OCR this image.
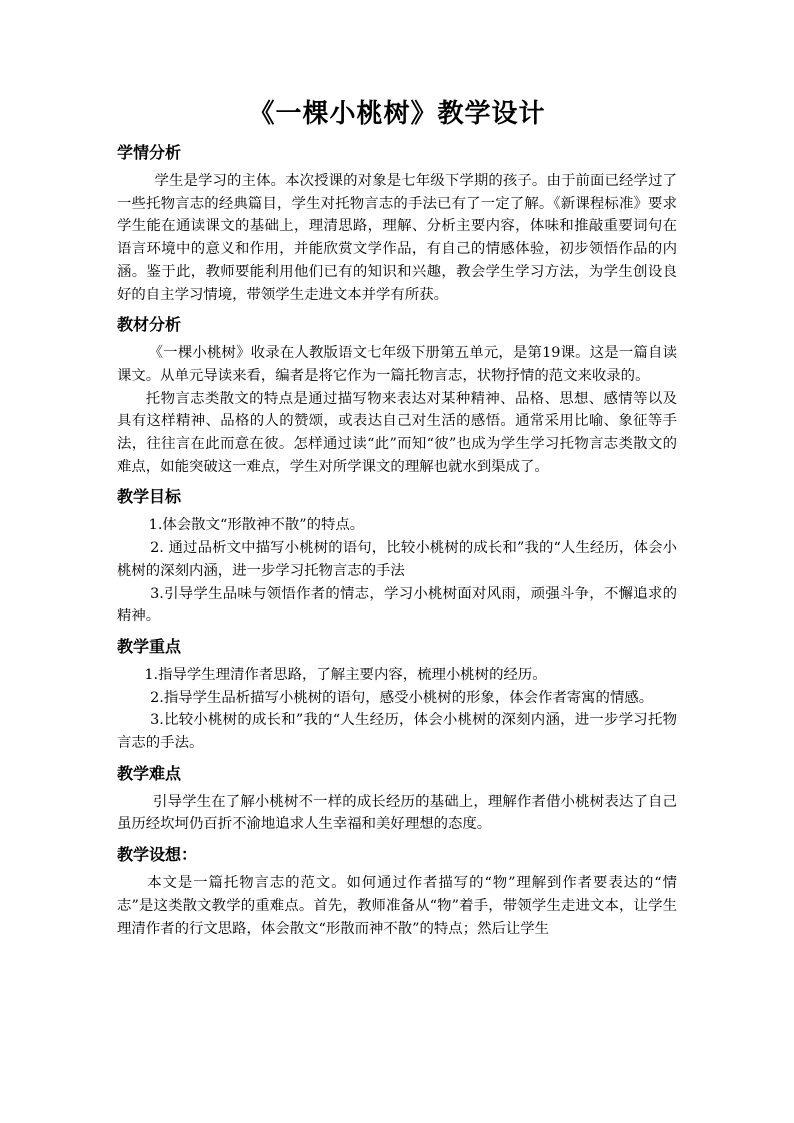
《一棵小桃树》教学设计
学情分析

学生是学习的主体。本次授课的对象是七年级下学期的孩子。由于前面已经学过了一些托物言志的经典篇目，学生对托物言志的手法已有了一定了解。《新课程标准》要求学生能在通读课文的基础上，理清思路，理解、分析主要内容，体味和推敲重要词句在语言环境中的意义和作用，并能欣赏文学作品，有自己的情感体验，初步领悟作品的内涵。鉴于此，教师要能利用他们已有的知识和兴趣，教会学生学习方法，为学生创设良好的自主学习情境，带领学生走进文本并学有所获。

教材分析

《一棵小桃树》收录在人教版语文七年级下册第五单元，是第19课。这是一篇自读课文。从单元导读来看，编者是将它作为一篇托物言志，状物抒情的范文来收录的。

托物言志类散文的特点是通过描写物来表达对某种精神、品格、思想、感情等以及具有这样精神、品格的人的赞颂，或表达自己对生活的感悟。通常采用比喻、象征等手法，往往言在此而意在彼。怎样通过读“此”而知“彼”也成为学生学习托物言志类散文的难点，如能突破这一难点，学生对所学课文的理解也就水到渠成了。

教学目标

1.体会散文“形散神不散”的特点。

2. 通过品析文中描写小桃树的语句，比较小桃树的成长和”我的“人生经历，体会小桃树的深刻内涵，进一步学习托物言志的手法

3.引导学生品味与领悟作者的情志，学习小桃树面对风雨，顽强斗争，不懈追求的精神。

教学重点

1.指导学生理清作者思路，了解主要内容，梳理小桃树的经历。

2.指导学生品析描写小桃树的语句，感受小桃树的形象，体会作者寄寓的情感。

3.比较小桃树的成长和”我的“人生经历，体会小桃树的深刻内涵，进一步学习托物言志的手法。

教学难点

引导学生在了解小桃树不一样的成长经历的基础上，理解作者借小桃树表达了自己虽历经坎坷仍百折不渝地追求人生幸福和美好理想的态度。

教学设想：

本文是一篇托物言志的范文。如何通过作者描写的“物”理解到作者要表达的“情志”是这类散文教学的重难点。首先，教师准备从“物”着手，带领学生走进文本，让学生理清作者的行文思路，体会散文“形散而神不散”的特点；然后让学生
